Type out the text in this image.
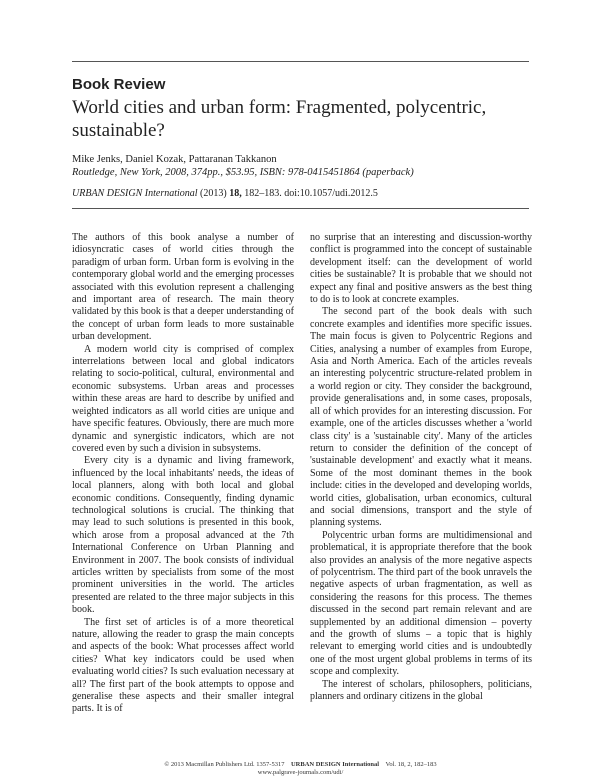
Book Review
World cities and urban form: Fragmented, polycentric, sustainable?
Mike Jenks, Daniel Kozak, Pattaranan Takkanon
Routledge, New York, 2008, 374pp., $53.95, ISBN: 978-0415451864 (paperback)
URBAN DESIGN International (2013) 18, 182–183. doi:10.1057/udi.2012.5

The authors of this book analyse a number of idiosyncratic cases of world cities through the paradigm of urban form. Urban form is evolving in the contemporary global world and the emerging processes associated with this evolution represent a challenging and important area of research. The main theory validated by this book is that a deeper understanding of the concept of urban form leads to more sustainable urban development.

A modern world city is comprised of complex interrelations between local and global indicators relating to socio-political, cultural, environmental and economic subsystems. Urban areas and processes within these areas are hard to describe by unified and weighted indicators as all world cities are unique and have specific features. Obviously, there are much more dynamic and synergistic indicators, which are not covered even by such a division in subsystems.

Every city is a dynamic and living framework, influenced by the local inhabitants' needs, the ideas of local planners, along with both local and global economic conditions. Consequently, finding dynamic technological solutions is crucial. The thinking that may lead to such solutions is presented in this book, which arose from a proposal advanced at the 7th International Conference on Urban Planning and Environment in 2007. The book consists of individual articles written by specialists from some of the most prominent universities in the world. The articles presented are related to the three major subjects in this book.

The first set of articles is of a more theoretical nature, allowing the reader to grasp the main concepts and aspects of the book: What processes affect world cities? What key indicators could be used when evaluating world cities? Is such evaluation necessary at all? The first part of the book attempts to oppose and generalise these aspects and their smaller integral parts. It is of

no surprise that an interesting and discussion-worthy conflict is programmed into the concept of sustainable development itself: can the development of world cities be sustainable? It is probable that we should not expect any final and positive answers as the best thing to do is to look at concrete examples.

The second part of the book deals with such concrete examples and identifies more specific issues. The main focus is given to Polycentric Regions and Cities, analysing a number of examples from Europe, Asia and North America. Each of the articles reveals an interesting polycentric structure-related problem in a world region or city. They consider the background, provide generalisations and, in some cases, proposals, all of which provides for an interesting discussion. For example, one of the articles discusses whether a 'world class city' is a 'sustainable city'. Many of the articles return to consider the definition of the concept of 'sustainable development' and exactly what it means. Some of the most dominant themes in the book include: cities in the developed and developing worlds, world cities, globalisation, urban economics, cultural and social dimensions, transport and the style of planning systems.

Polycentric urban forms are multidimensional and problematical, it is appropriate therefore that the book also provides an analysis of the more negative aspects of polycentrism. The third part of the book unravels the negative aspects of urban fragmentation, as well as considering the reasons for this process. The themes discussed in the second part remain relevant and are supplemented by an additional dimension – poverty and the growth of slums – a topic that is highly relevant to emerging world cities and is undoubtedly one of the most urgent global problems in terms of its scope and complexity.

The interest of scholars, philosophers, politicians, planners and ordinary citizens in the global

© 2013 Macmillan Publishers Ltd. 1357-5317 URBAN DESIGN International Vol. 18, 2, 182–183
www.palgrave-journals.com/udi/
